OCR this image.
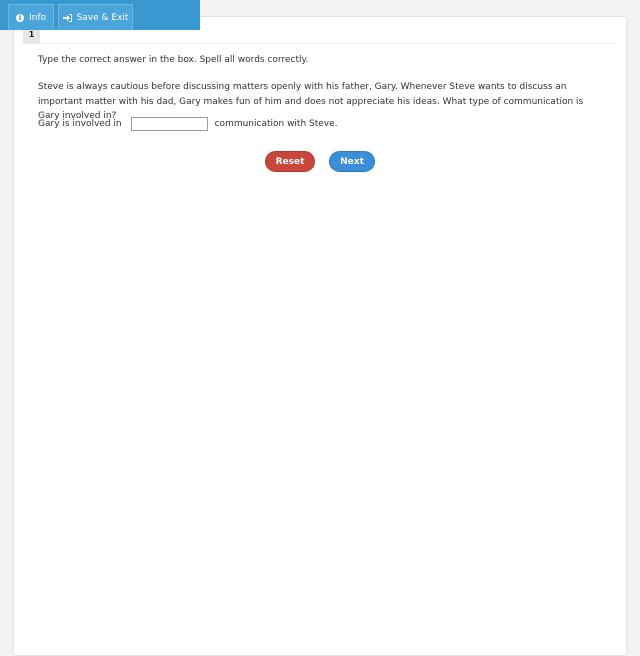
i Info	Save & Exit
1
Type the correct answer in the box. Spell all words correctly.
Steve is always cautious before discussing matters openly with his father, Gary. Whenever Steve wants to discuss an important matter with his dad, Gary makes fun of him and does not appreciate his ideas. What type of communication is Gary involved in?
Gary is involved in	communication with Steve.
Reset	Next
